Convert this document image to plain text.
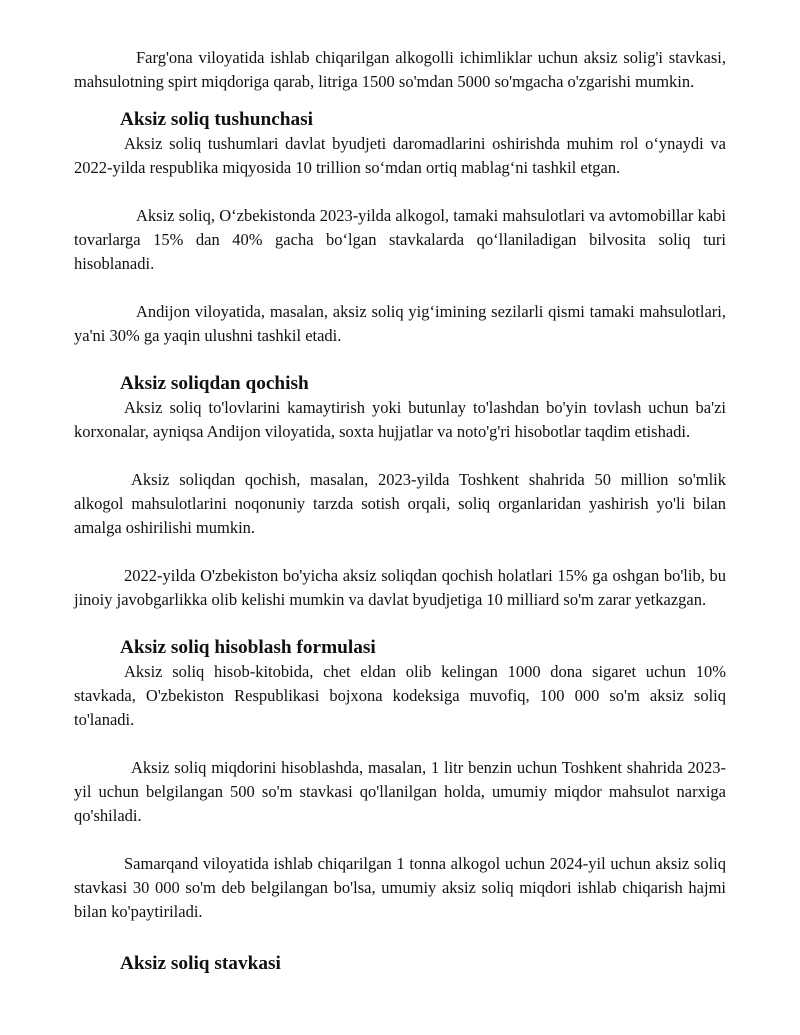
Farg'ona viloyatida ishlab chiqarilgan alkogolli ichimliklar uchun aksiz solig'i stavkasi, mahsulotning spirt miqdoriga qarab, litriga 1500 so'mdan 5000 so'mgacha o'zgarishi mumkin.

Aksiz soliq tushunchasi

Aksiz soliq tushumlari davlat byudjeti daromadlarini oshirishda muhim rol o‘ynaydi va 2022-yilda respublika miqyosida 10 trillion so‘mdan ortiq mablag‘ni tashkil etgan.

Aksiz soliq, O‘zbekistonda 2023-yilda alkogol, tamaki mahsulotlari va avtomobillar kabi tovarlarga 15% dan 40% gacha bo‘lgan stavkalarda qo‘llaniladigan bilvosita soliq turi hisoblanadi.

Andijon viloyatida, masalan, aksiz soliq yig‘imining sezilarli qismi tamaki mahsulotlari, ya'ni 30% ga yaqin ulushni tashkil etadi.

Aksiz soliqdan qochish

Aksiz soliq to'lovlarini kamaytirish yoki butunlay to'lashdan bo'yin tovlash uchun ba'zi korxonalar, ayniqsa Andijon viloyatida, soxta hujjatlar va noto'g'ri hisobotlar taqdim etishadi.

Aksiz soliqdan qochish, masalan, 2023-yilda Toshkent shahrida 50 million so'mlik alkogol mahsulotlarini noqonuniy tarzda sotish orqali, soliq organlaridan yashirish yo'li bilan amalga oshirilishi mumkin.

2022-yilda O'zbekiston bo'yicha aksiz soliqdan qochish holatlari 15% ga oshgan bo'lib, bu jinoiy javobgarlikka olib kelishi mumkin va davlat byudjetiga 10 milliard so'm zarar yetkazgan.

Aksiz soliq hisoblash formulasi

Aksiz soliq hisob-kitobida, chet eldan olib kelingan 1000 dona sigaret uchun 10% stavkada, O'zbekiston Respublikasi bojxona kodeksiga muvofiq, 100 000 so'm aksiz soliq to'lanadi.

Aksiz soliq miqdorini hisoblashda, masalan, 1 litr benzin uchun Toshkent shahrida 2023-yil uchun belgilangan 500 so'm stavkasi qo'llanilgan holda, umumiy miqdor mahsulot narxiga qo'shiladi.

Samarqand viloyatida ishlab chiqarilgan 1 tonna alkogol uchun 2024-yil uchun aksiz soliq stavkasi 30 000 so'm deb belgilangan bo'lsa, umumiy aksiz soliq miqdori ishlab chiqarish hajmi bilan ko'paytiriladi.

Aksiz soliq stavkasi
